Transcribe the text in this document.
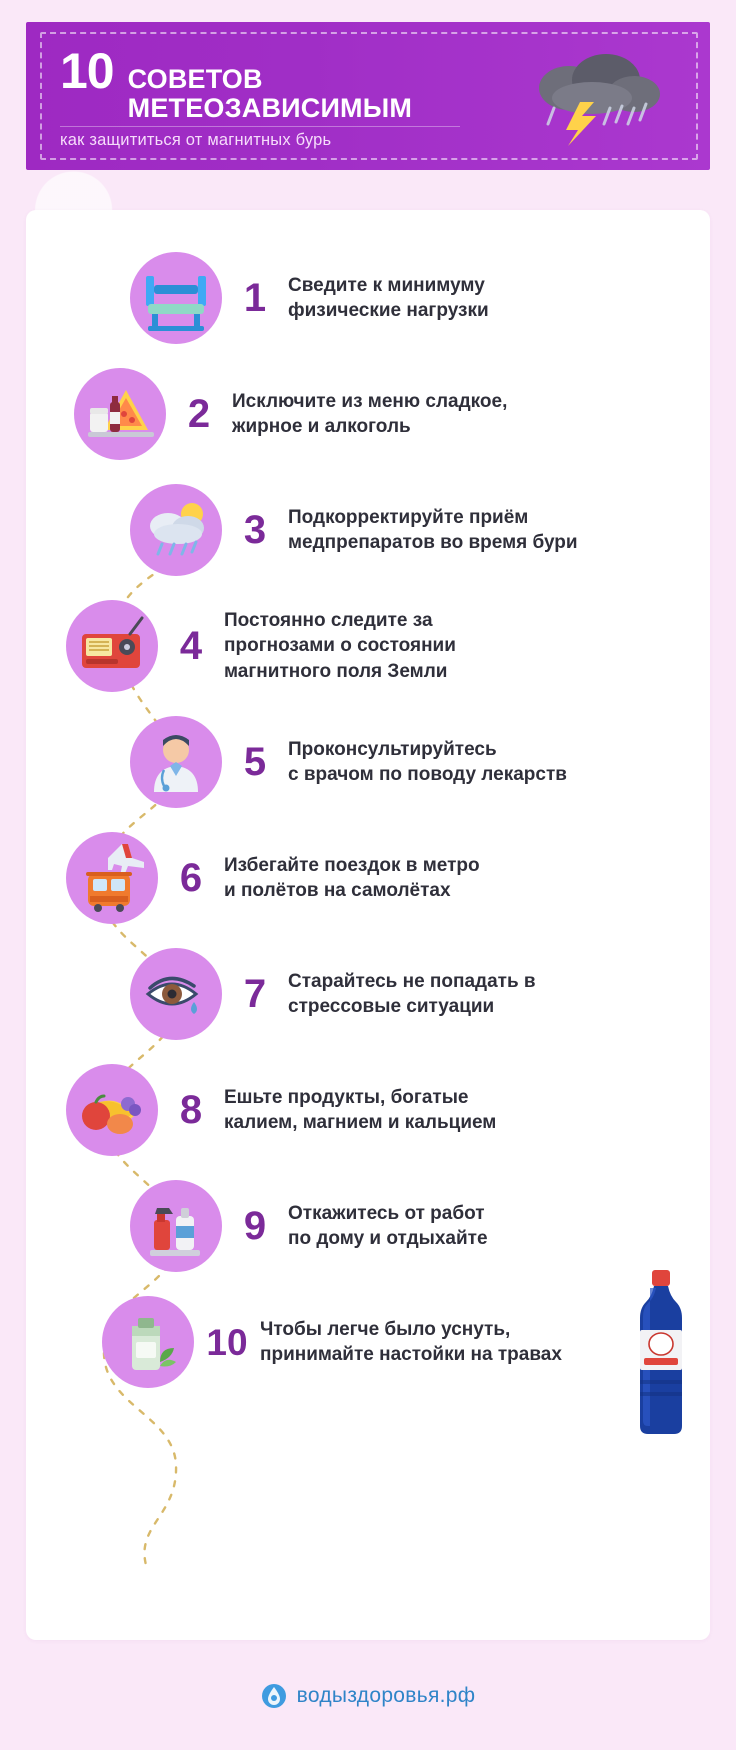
10 СОВЕТОВ
МЕТЕОЗАВИСИМЫМ
как защититься от магнитных бурь
1	Сведите к минимуму
физические нагрузки
2	Исключите из меню сладкое,
жирное и алкоголь
3	Подкорректируйте приём
медпрепаратов во время бури
4
Постоянно следите за
прогнозами о состоянии
магнитного поля Земли
5	Проконсультируйтесь
с врачом по поводу лекарств
6	Избегайте поездок в метро
и полётов на самолётах
7	Старайтесь не попадать в
стрессовые ситуации
8	Ешьте продукты, богатые
калием, магнием и кальцием
9	Откажитесь от работ
по дому и отдыхайте
10 Чтобы легче было уснуть,
принимайте настойки на травах
водыздоровья.рф
